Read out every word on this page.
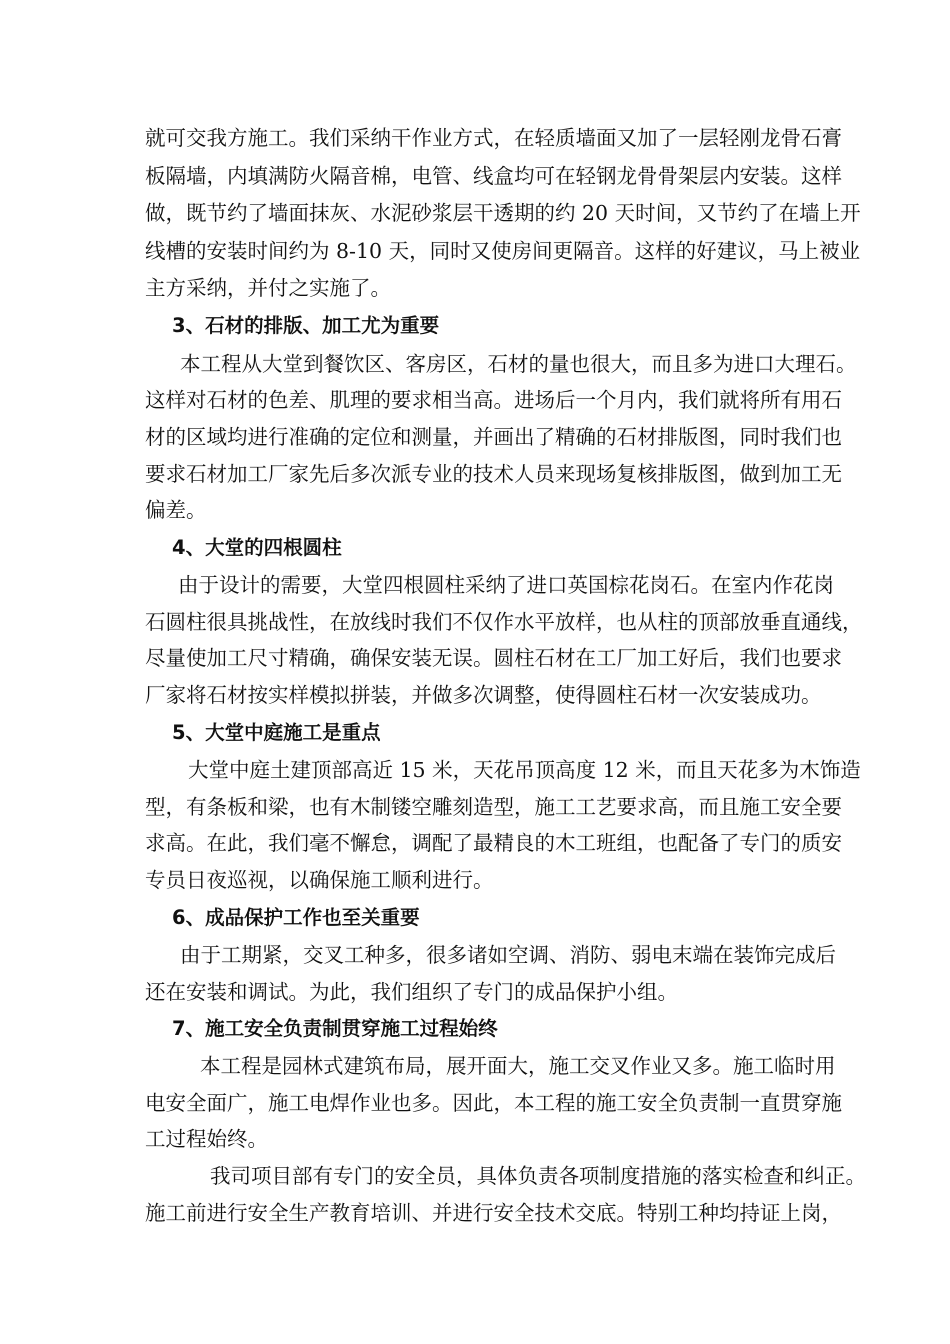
就可交我方施工。我们采纳干作业方式，在轻质墙面又加了一层轻刚龙骨石膏
板隔墙，内填满防火隔音棉，电管、线盒均可在轻钢龙骨骨架层内安装。这样
做，既节约了墙面抹灰、水泥砂浆层干透期的约 20 天时间，又节约了在墙上开
线槽的安装时间约为 8-10 天，同时又使房间更隔音。这样的好建议，马上被业
主方采纳，并付之实施了。
3、石材的排版、加工尤为重要
本工程从大堂到餐饮区、客房区，石材的量也很大，而且多为进口大理石。
这样对石材的色差、肌理的要求相当高。进场后一个月内，我们就将所有用石
材的区域均进行准确的定位和测量，并画出了精确的石材排版图，同时我们也
要求石材加工厂家先后多次派专业的技术人员来现场复核排版图，做到加工无
偏差。
4、大堂的四根圆柱
由于设计的需要，大堂四根圆柱采纳了进口英国棕花岗石。在室内作花岗
石圆柱很具挑战性，在放线时我们不仅作水平放样，也从柱的顶部放垂直通线，
尽量使加工尺寸精确，确保安装无误。圆柱石材在工厂加工好后，我们也要求
厂家将石材按实样模拟拼装，并做多次调整，使得圆柱石材一次安装成功。
5、大堂中庭施工是重点
大堂中庭土建顶部高近 15 米，天花吊顶高度 12 米，而且天花多为木饰造
型，有条板和梁，也有木制镂空雕刻造型，施工工艺要求高，而且施工安全要
求高。在此，我们毫不懈怠，调配了最精良的木工班组，也配备了专门的质安
专员日夜巡视，以确保施工顺利进行。
6、成品保护工作也至关重要
由于工期紧，交叉工种多，很多诸如空调、消防、弱电末端在装饰完成后
还在安装和调试。为此，我们组织了专门的成品保护小组。
7、施工安全负责制贯穿施工过程始终
本工程是园林式建筑布局，展开面大，施工交叉作业又多。施工临时用
电安全面广，施工电焊作业也多。因此，本工程的施工安全负责制一直贯穿施
工过程始终。
我司项目部有专门的安全员，具体负责各项制度措施的落实检查和纠正。
施工前进行安全生产教育培训、并进行安全技术交底。特别工种均持证上岗，
